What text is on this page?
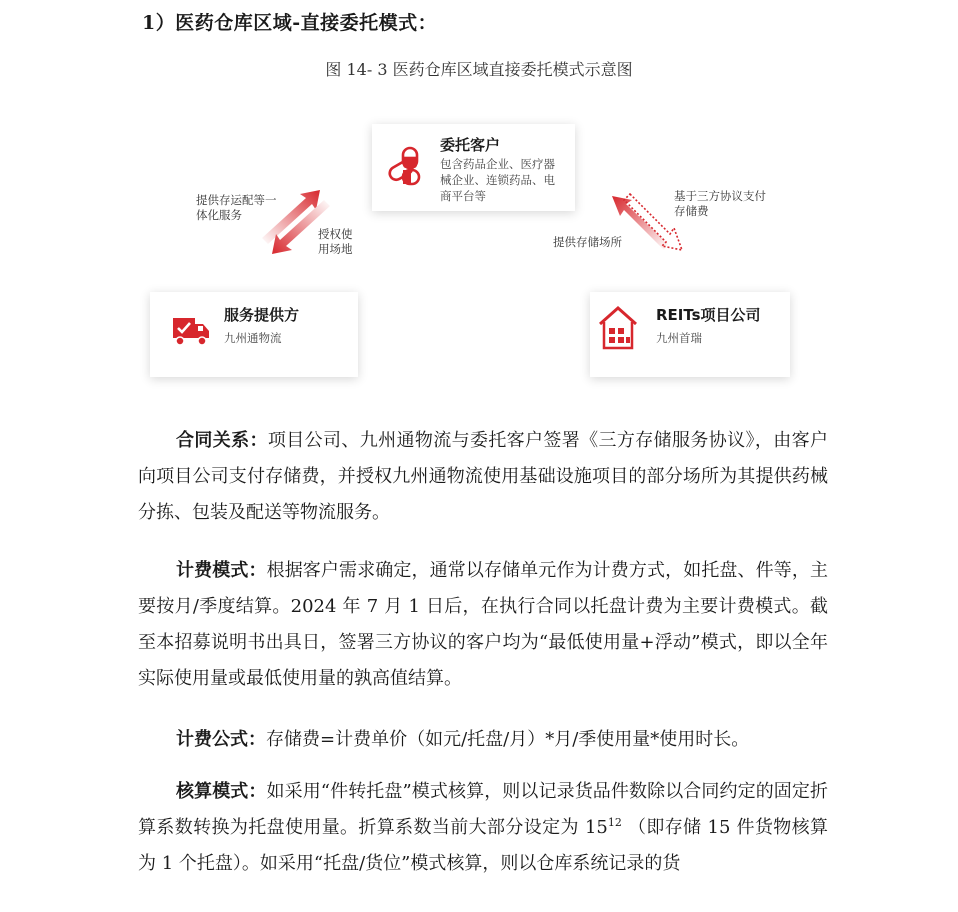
1）医药仓库区域-直接委托模式：
图 14- 3 医药仓库区域直接委托模式示意图
委托客户
包含药品企业、医疗器械企业、连锁药品、电商平台等
服务提供方
九州通物流
REITs项目公司
九州首瑞
提供存运配等一体化服务
授权使用场地
基于三方协议支付存储费
提供存储场所
合同关系：项目公司、九州通物流与委托客户签署《三方存储服务协议》，由客户向项目公司支付存储费，并授权九州通物流使用基础设施项目的部分场所为其提供药械分拣、包装及配送等物流服务。
计费模式：根据客户需求确定，通常以存储单元作为计费方式，如托盘、件等，主要按月/季度结算。2024 年 7 月 1 日后，在执行合同以托盘计费为主要计费模式。截至本招募说明书出具日，签署三方协议的客户均为“最低使用量+浮动”模式，即以全年实际使用量或最低使用量的孰高值结算。
计费公式：存储费=计费单价（如元/托盘/月）*月/季使用量*使用时长。
核算模式：如采用“件转托盘”模式核算，则以记录货品件数除以合同约定的固定折算系数转换为托盘使用量。折算系数当前大部分设定为 $15^{12}$ （即存储 15 件货物核算为 1 个托盘）。如采用“托盘/货位”模式核算，则以仓库系统记录的货
